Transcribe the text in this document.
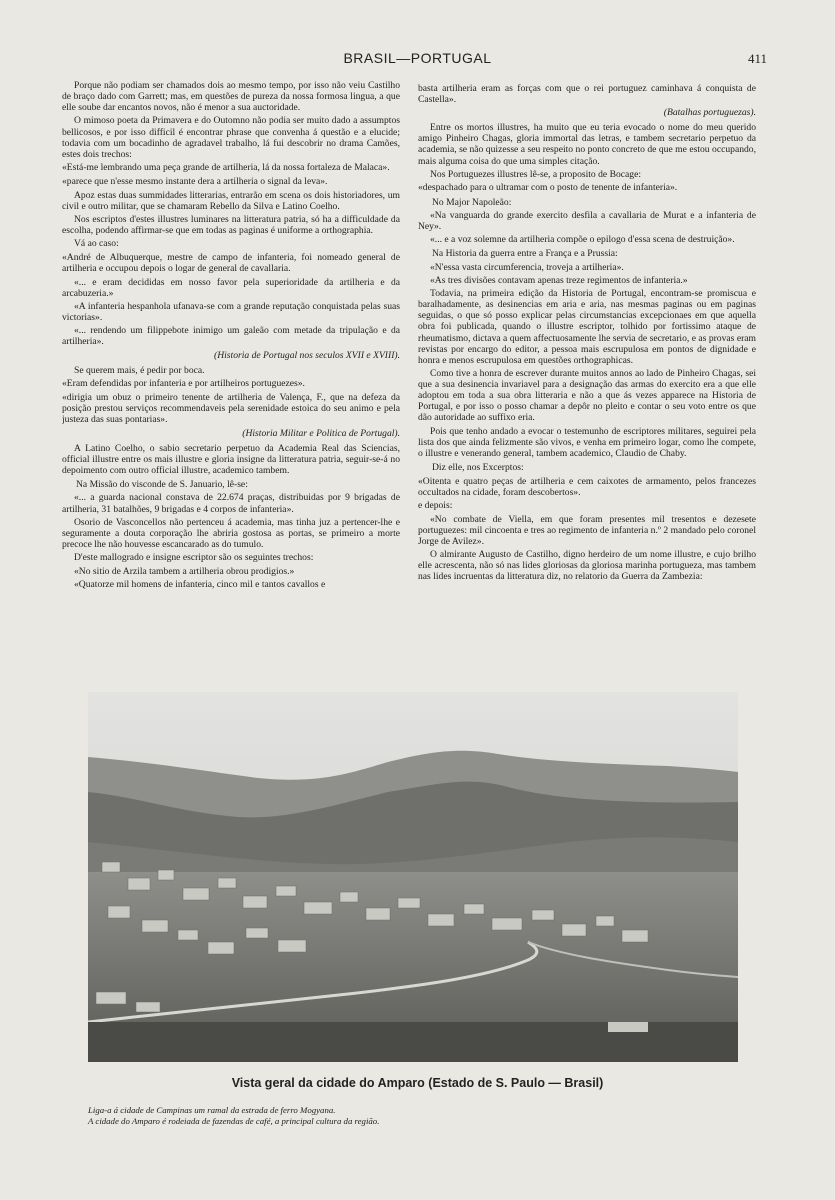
BRASIL—PORTUGAL	411

Porque não podiam ser chamados dois ao mesmo tempo, por isso não veiu Castilho de braço dado com Garrett; mas, em questões de pureza da nossa formosa lingua, a que elle soube dar encantos novos, não é menor a sua auctoridade.

O mimoso poeta da Primavera e do Outomno não podia ser muito dado a assumptos bellicosos, e por isso difficil é encontrar phrase que convenha á questão e a elucide; todavia com um bocadinho de agradavel trabalho, lá fui descobrir no drama Camões, estes dois trechos:

«Está-me lembrando uma peça grande de artilheria, lá da nossa fortaleza de Malaca».

«parece que n'esse mesmo instante dera a artilheria o signal da leva».

Apoz estas duas summidades litterarias, entrarão em scena os dois historiadores, um civil e outro militar, que se chamaram Rebello da Silva e Latino Coelho.

Nos escriptos d'estes illustres luminares na litteratura patria, só ha a difficuldade da escolha, podendo affirmar-se que em todas as paginas é uniforme a orthographia.

Vá ao caso:

«André de Albuquerque, mestre de campo de infanteria, foi nomeado general de artilheria e occupou depois o logar de general de cavallaria.

«... e eram decididas em nosso favor pela superioridade da artilheria e da arcabuzeria.»

«A infanteria hespanhola ufanava-se com a grande reputação conquistada pelas suas victorias».

«... rendendo um filippebote inimigo um galeão com metade da tripulação e da artilheria».

(Historia de Portugal nos seculos XVII e XVIII).

Se querem mais, é pedir por boca.

«Eram defendidas por infanteria e por artilheiros portuguezes».

«dirigia um obuz o primeiro tenente de artilheria de Valença, F., que na defeza da posição prestou serviços recommendaveis pela serenidade estoica do seu animo e pela justeza das suas pontarias».

(Historia Militar e Politica de Portugal).

A Latino Coelho, o sabio secretario perpetuo da Academia Real das Sciencias, official illustre entre os mais illustre e gloria insigne da litteratura patria, seguir-se-á no depoimento com outro official illustre, academico tambem.

Na Missão do visconde de S. Januario, lê-se:

«... a guarda nacional constava de 22.674 praças, distribuidas por 9 brigadas de artilheria, 31 batalhões, 9 brigadas e 4 corpos de infanteria».

Osorio de Vasconcellos não pertenceu á academia, mas tinha juz a pertencer-lhe e seguramente a douta corporação lhe abriria gostosa as portas, se primeiro a morte precoce lhe não houvesse escancarado as do tumulo.

D'este mallogrado e insigne escriptor são os seguintes trechos:

«No sitio de Arzila tambem a artilheria obrou prodigios.»

«Quatorze mil homens de infanteria, cinco mil e tantos cavallos e

basta artilheria eram as forças com que o rei portuguez caminhava á conquista de Castella».

(Batalhas portuguezas).

Entre os mortos illustres, ha muito que eu teria evocado o nome do meu querido amigo Pinheiro Chagas, gloria immortal das letras, e tambem secretario perpetuo da academia, se não quizesse a seu respeito no ponto concreto de que me estou occupando, mais alguma coisa do que uma simples citação.

Nos Portuguezes illustres lê-se, a proposito de Bocage:

«despachado para o ultramar com o posto de tenente de infanteria».

No Major Napoleão:

«Na vanguarda do grande exercito desfila a cavallaria de Murat e a infanteria de Ney».

«... e a voz solemne da artilheria compõe o epilogo d'essa scena de destruição».

Na Historia da guerra entre a França e a Prussia:

«N'essa vasta circumferencia, troveja a artilheria».

«As tres divisões contavam apenas treze regimentos de infanteria.»

Todavia, na primeira edição da Historia de Portugal, encontram-se promiscua e baralhadamente, as desinencias em aria e aria, nas mesmas paginas ou em paginas seguidas, o que só posso explicar pelas circumstancias excepcionaes em que aquella obra foi publicada, quando o illustre escriptor, tolhido por fortissimo ataque de rheumatismo, dictava a quem affectuosamente lhe servia de secretario, e as provas eram revistas por encargo do editor, a pessoa mais escrupulosa em pontos de dignidade e honra e menos escrupulosa em questões orthographicas.

Como tive a honra de escrever durante muitos annos ao lado de Pinheiro Chagas, sei que a sua desinencia invariavel para a designação das armas do exercito era a que elle adoptou em toda a sua obra litteraria e não a que ás vezes apparece na Historia de Portugal, e por isso o posso chamar a depôr no pleito e contar o seu voto entre os que dão autoridade ao suffixo eria.

Pois que tenho andado a evocar o testemunho de escriptores militares, seguirei pela lista dos que ainda felizmente são vivos, e venha em primeiro logar, como lhe compete, o illustre e venerando general, tambem academico, Claudio de Chaby.

Diz elle, nos Excerptos:

«Oitenta e quatro peças de artilheria e cem caixotes de armamento, pelos francezes occultados na cidade, foram descobertos».

e depois:

«No combate de Viella, em que foram presentes mil tresentos e dezesete portuguezes: mil cincoenta e tres ao regimento de infanteria n.º 2 mandado pelo coronel Jorge de Avilez».

O almirante Augusto de Castilho, digno herdeiro de um nome illustre, e cujo brilho elle acrescenta, não só nas lides gloriosas da gloriosa marinha portugueza, mas tambem nas lides incruentas da litteratura diz, no relatorio da Guerra da Zambezia:

Vista geral da cidade do Amparo (Estado de S. Paulo — Brasil)
Liga-a á cidade de Campinas um ramal da estrada de ferro Mogyana.
A cidade do Amparo é rodeiada de fazendas de café, a principal cultura da região.
